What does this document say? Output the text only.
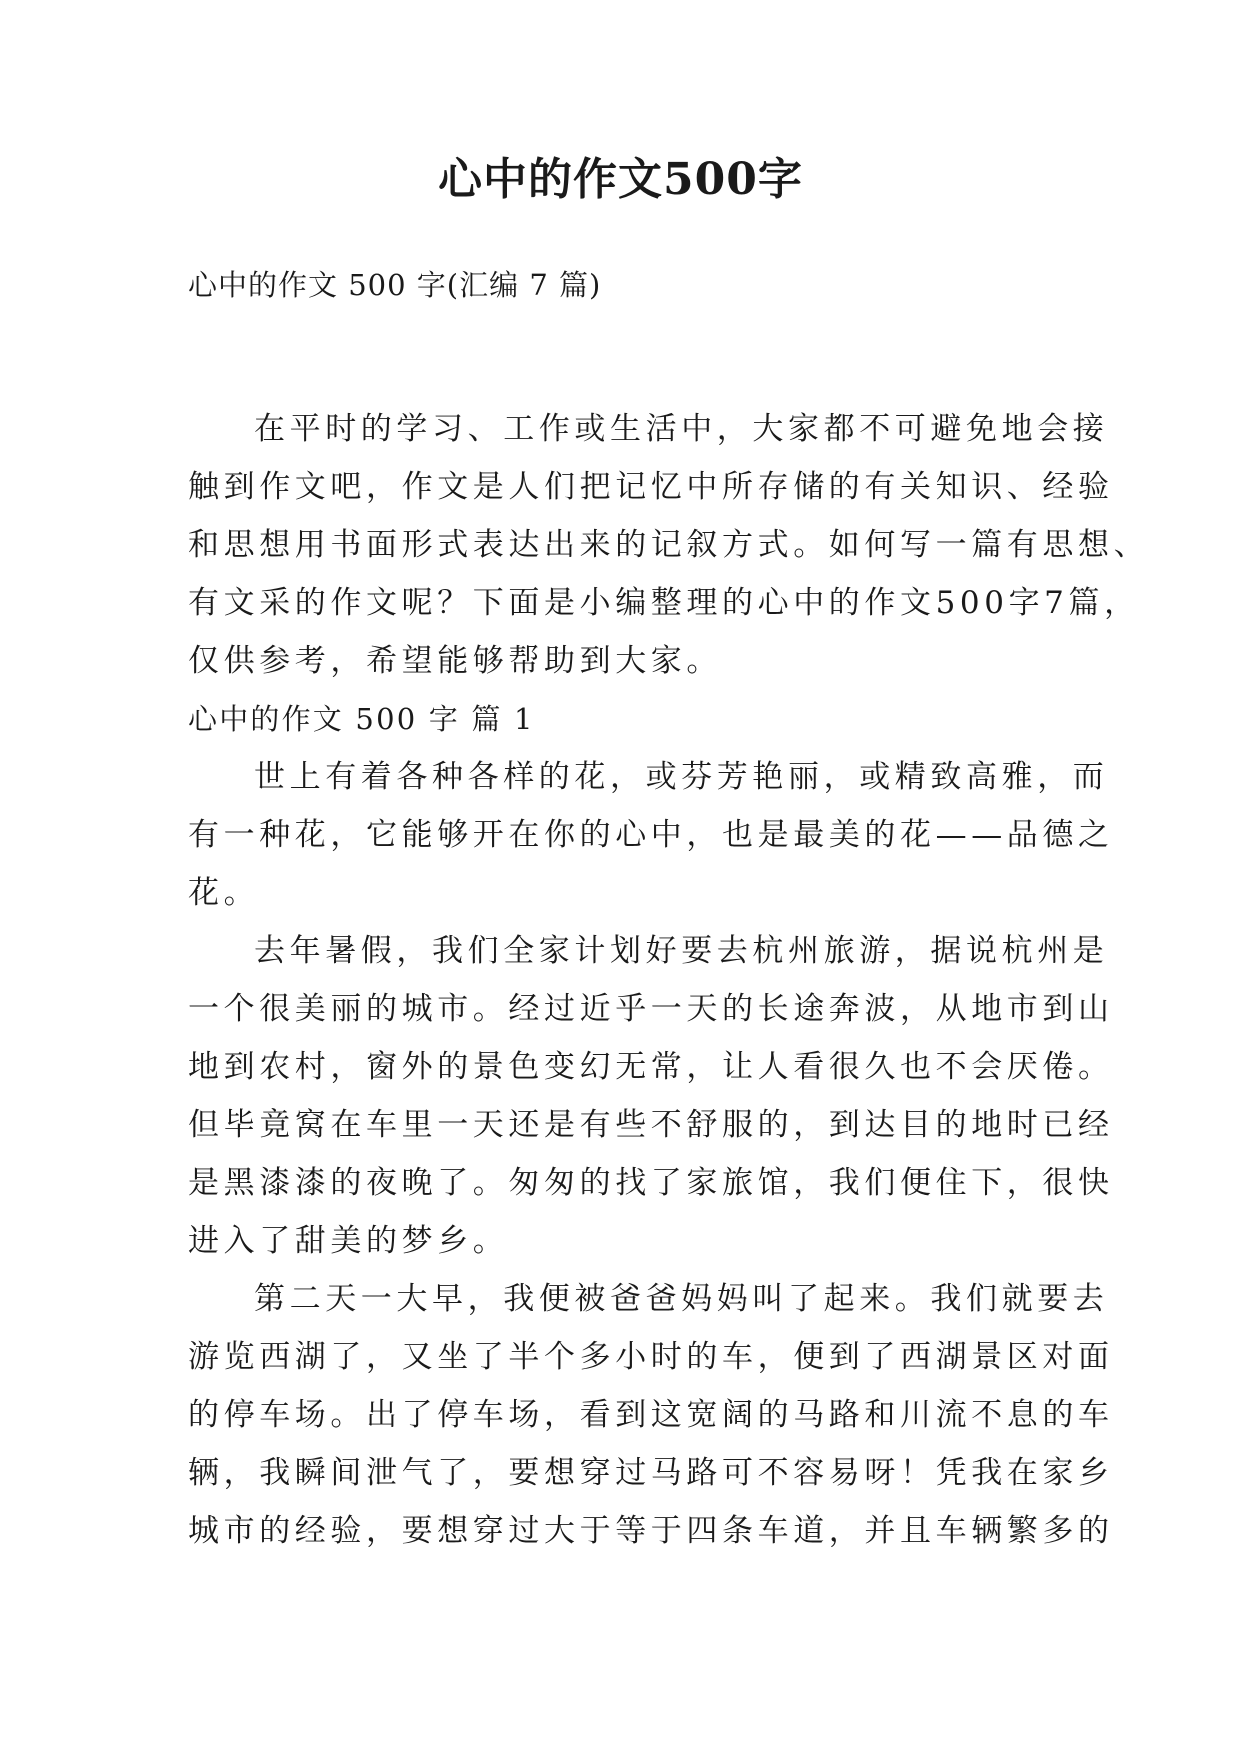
心中的作文500字
心中的作文 500 字(汇编 7 篇)
在平时的学习、工作或生活中，大家都不可避免地会接
触到作文吧，作文是人们把记忆中所存储的有关知识、经验
和思想用书面形式表达出来的记叙方式。如何写一篇有思想、
有文采的作文呢？下面是小编整理的心中的作文500字7篇，
仅供参考，希望能够帮助到大家。
心中的作文 500 字 篇 1
世上有着各种各样的花，或芬芳艳丽，或精致高雅，而
有一种花，它能够开在你的心中，也是最美的花——品德之
花。
去年暑假，我们全家计划好要去杭州旅游，据说杭州是
一个很美丽的城市。经过近乎一天的长途奔波，从地市到山
地到农村，窗外的景色变幻无常，让人看很久也不会厌倦。
但毕竟窝在车里一天还是有些不舒服的，到达目的地时已经
是黑漆漆的夜晚了。匆匆的找了家旅馆，我们便住下，很快
进入了甜美的梦乡。
第二天一大早，我便被爸爸妈妈叫了起来。我们就要去
游览西湖了，又坐了半个多小时的车，便到了西湖景区对面
的停车场。出了停车场，看到这宽阔的马路和川流不息的车
辆，我瞬间泄气了，要想穿过马路可不容易呀！凭我在家乡
城市的经验，要想穿过大于等于四条车道，并且车辆繁多的
